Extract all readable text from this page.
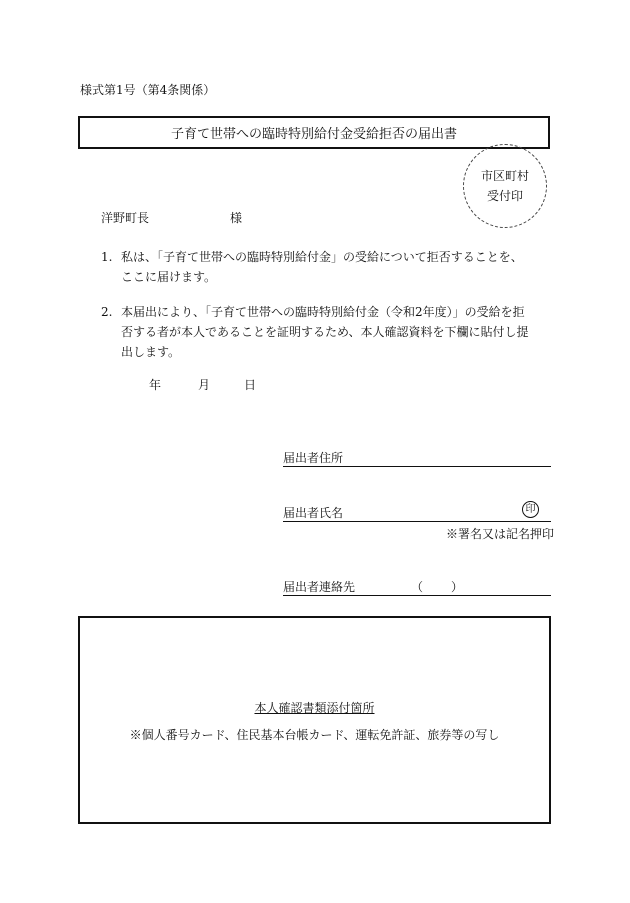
様式第1号（第4条関係）
子育て世帯への臨時特別給付金受給拒否の届出書
市区町村
受付印
洋野町長	様
1. 私は、「子育て世帯への臨時特別給付金」の受給について拒否することを、ここに届けます。
2. 本届出により、「子育て世帯への臨時特別給付金（令和2年度）」の受給を拒否する者が本人であることを証明するため、本人確認資料を下欄に貼付し提出します。
年	月	日
届出者住所
届出者氏名	印
※署名又は記名押印
届出者連絡先	（ ）
本人確認書類添付箇所
※個人番号カード、住民基本台帳カード、運転免許証、旅券等の写し
